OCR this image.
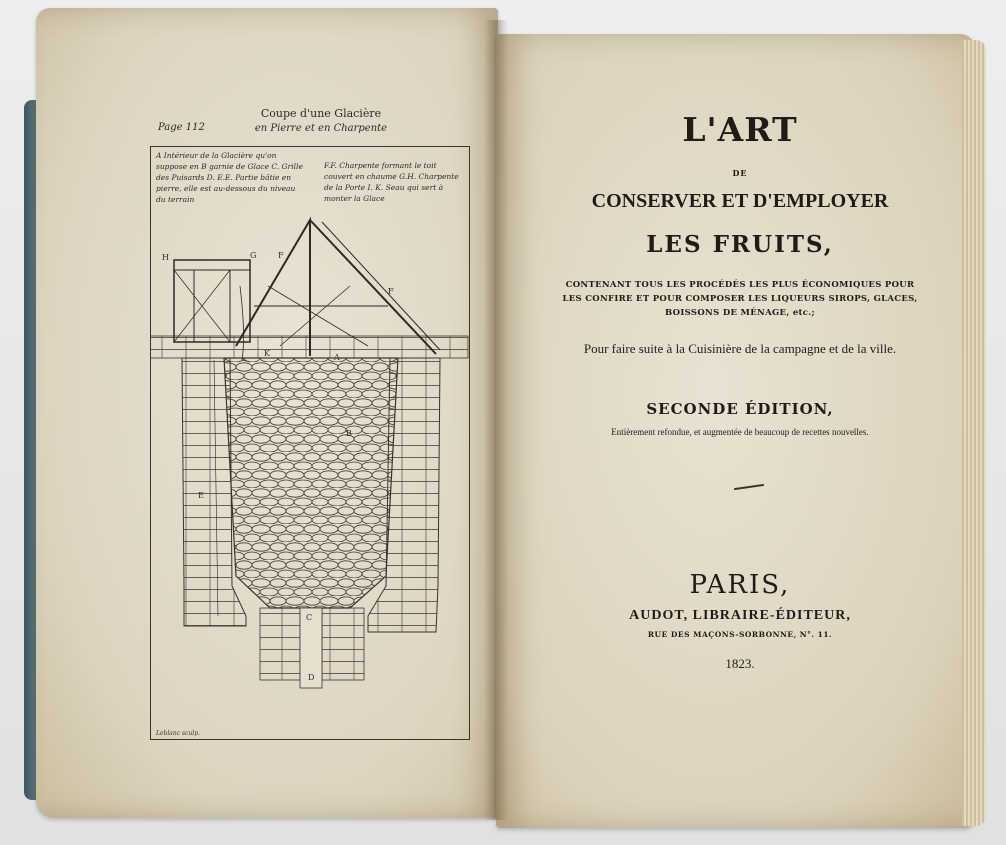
Page 112
Coupe d'une Glacière
en Pierre et en Charpente
A Intérieur de la Glacière qu'on suppose en B garnie de Glace C. Grille des Puisards D. E.E. Partie bâtie en pierre, elle est au-dessous du niveau du terrain
F.F. Charpente formant le toit couvert en chaume G.H. Charpente de la Porte I. K. Seau qui sert à monter la Glace
H	G	F
F
K	A
B
C
D
E
Leblanc sculp.
L'ART
DE
CONSERVER ET D'EMPLOYER
LES FRUITS,
CONTENANT TOUS LES PROCÉDÉS LES PLUS ÉCONOMIQUES POUR LES CONFIRE ET POUR COMPOSER LES LIQUEURS SIROPS, GLACES, BOISSONS DE MÉNAGE, etc.;
Pour faire suite à la Cuisinière de la campagne et de la ville.
SECONDE ÉDITION,
Entièrement refondue, et augmentée de beaucoup de recettes nouvelles.
PARIS,
AUDOT, LIBRAIRE-ÉDITEUR,
RUE DES MAÇONS-SORBONNE, N°. 11.
1823.
